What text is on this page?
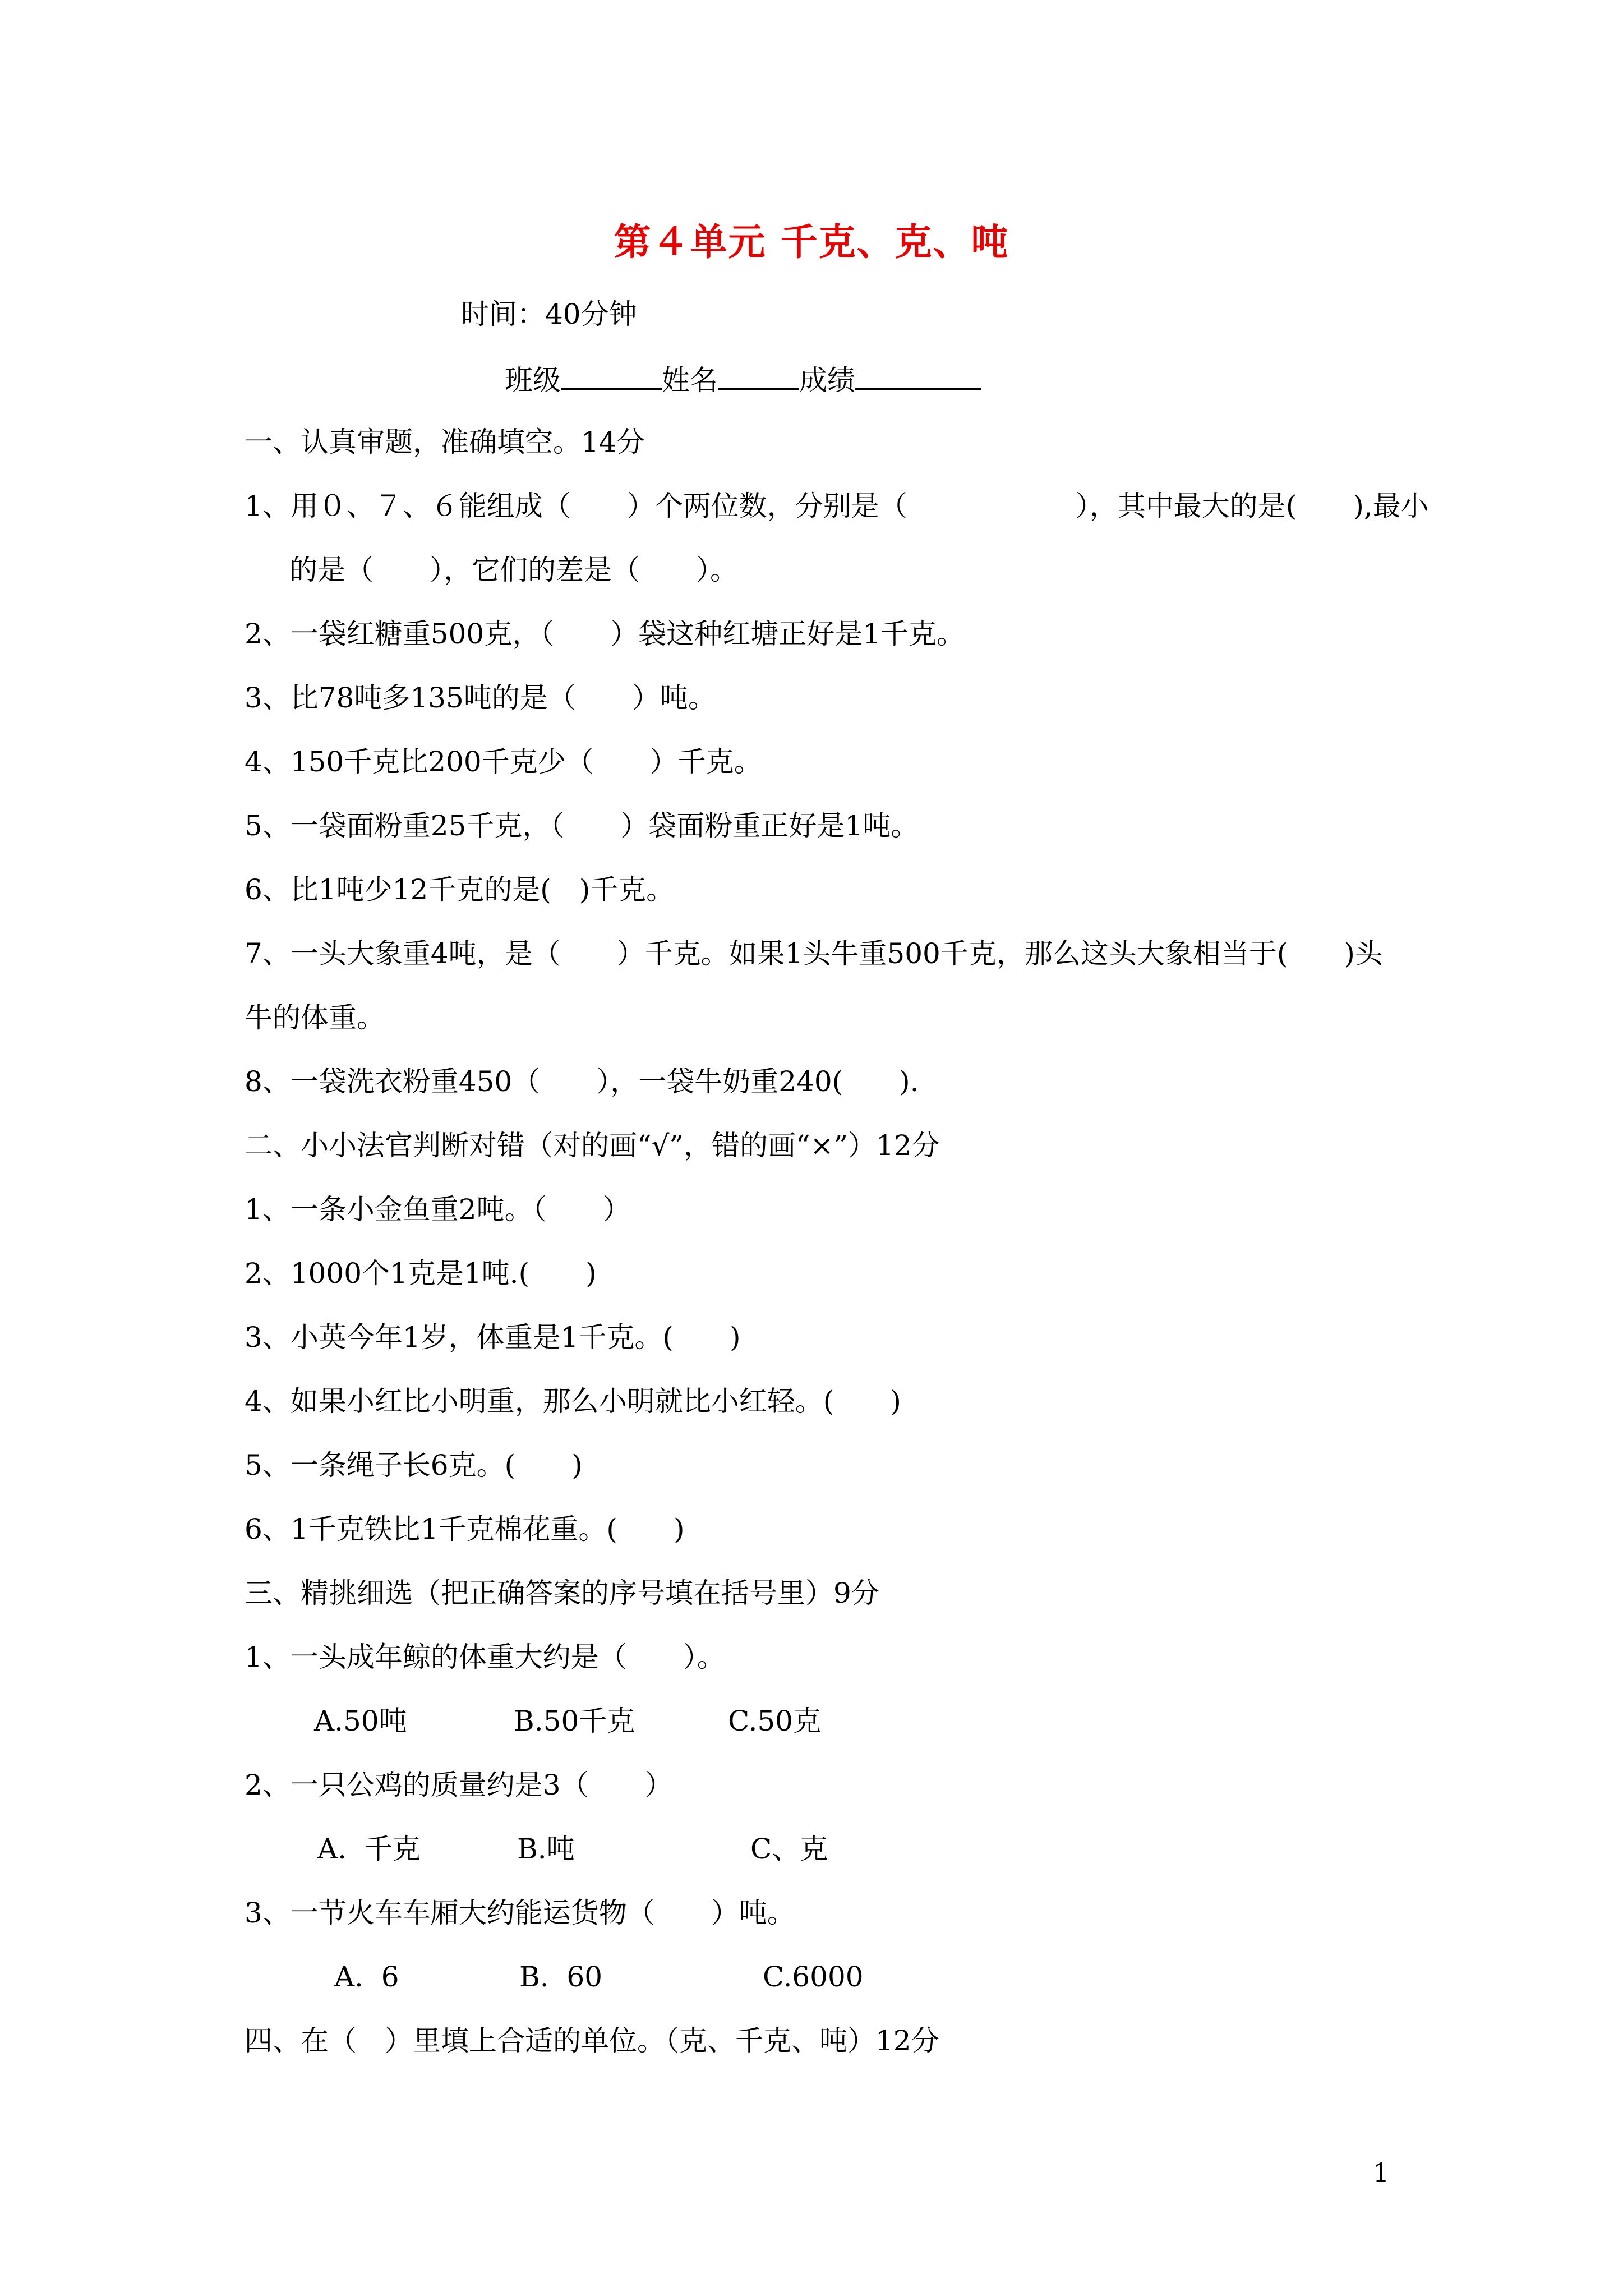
第４单元 千克、克、吨
时间：40分钟
班级	姓名	成绩
一、认真审题，准确填空。14分
1、用０、７、６能组成（　　）个两位数，分别是（　　　　　　），其中最大的是(　　),最小
的是（　　），它们的差是（　　）。
2、一袋红糖重500克，（　　）袋这种红塘正好是1千克。
3、比78吨多135吨的是（　　）吨。
4、150千克比200千克少（　　）千克。
5、一袋面粉重25千克，（　　）袋面粉重正好是1吨。
6、比1吨少12千克的是(　)千克。
7、一头大象重4吨，是（　　）千克。如果1头牛重500千克，那么这头大象相当于(　　)头
牛的体重。
8、一袋洗衣粉重450（　　），一袋牛奶重240(　　).
二、小小法官判断对错（对的画“√”，错的画“×”）12分
1、一条小金鱼重2吨。（　　）
2、1000个1克是1吨.(　　)
3、小英今年1岁，体重是1千克。(　　)
4、如果小红比小明重，那么小明就比小红轻。(　　)
5、一条绳子长6克。(　　)
6、1千克铁比1千克棉花重。(　　)
三、精挑细选（把正确答案的序号填在括号里）9分
1、一头成年鲸的体重大约是（　　）。
A.50吨	B.50千克	C.50克
2、一只公鸡的质量约是3（　　）
A.  千克	B.吨	C、克
3、一节火车车厢大约能运货物（　　）吨。
A.  6	B.  60	C.6000
四、在（　）里填上合适的单位。（克、千克、吨）12分
1
